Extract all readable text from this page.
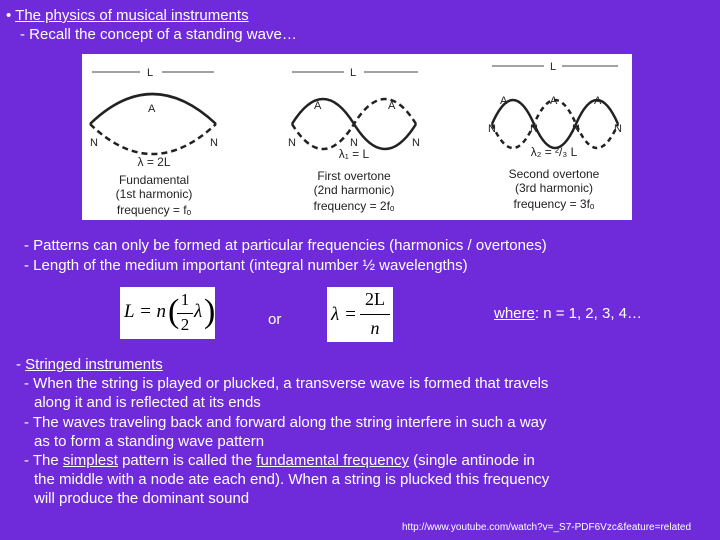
• The physics of musical instruments
- Recall the concept of a standing wave…
L
A
N	N
λ = 2L
Fundamental
(1st harmonic)
frequency = fₒ
L
A	A
N	N	N
λ₁ = L
First overtone
(2nd harmonic)
frequency = 2fₒ
L
A	A	A
N	N	N	N
λ₂ = ²/₃ L
Second overtone
(3rd harmonic)
frequency = 3fₒ
- Patterns can only be formed at particular frequencies (harmonics / overtones)
- Length of the medium important (integral number ½ wavelengths)
L = n ( 1
2
λ )	or	λ =
2L
n
where: n = 1, 2, 3, 4…
- Stringed instruments
- When the string is played or plucked, a transverse wave is formed that travels
along it and is reflected at its ends
- The waves traveling back and forward along the string interfere in such a way
as to form a standing wave pattern
- The simplest pattern is called the fundamental frequency (single antinode in
the middle with a node ate each end). When a string is plucked this frequency
will produce the dominant sound
http://www.youtube.com/watch?v=_S7-PDF6Vzc&feature=related
